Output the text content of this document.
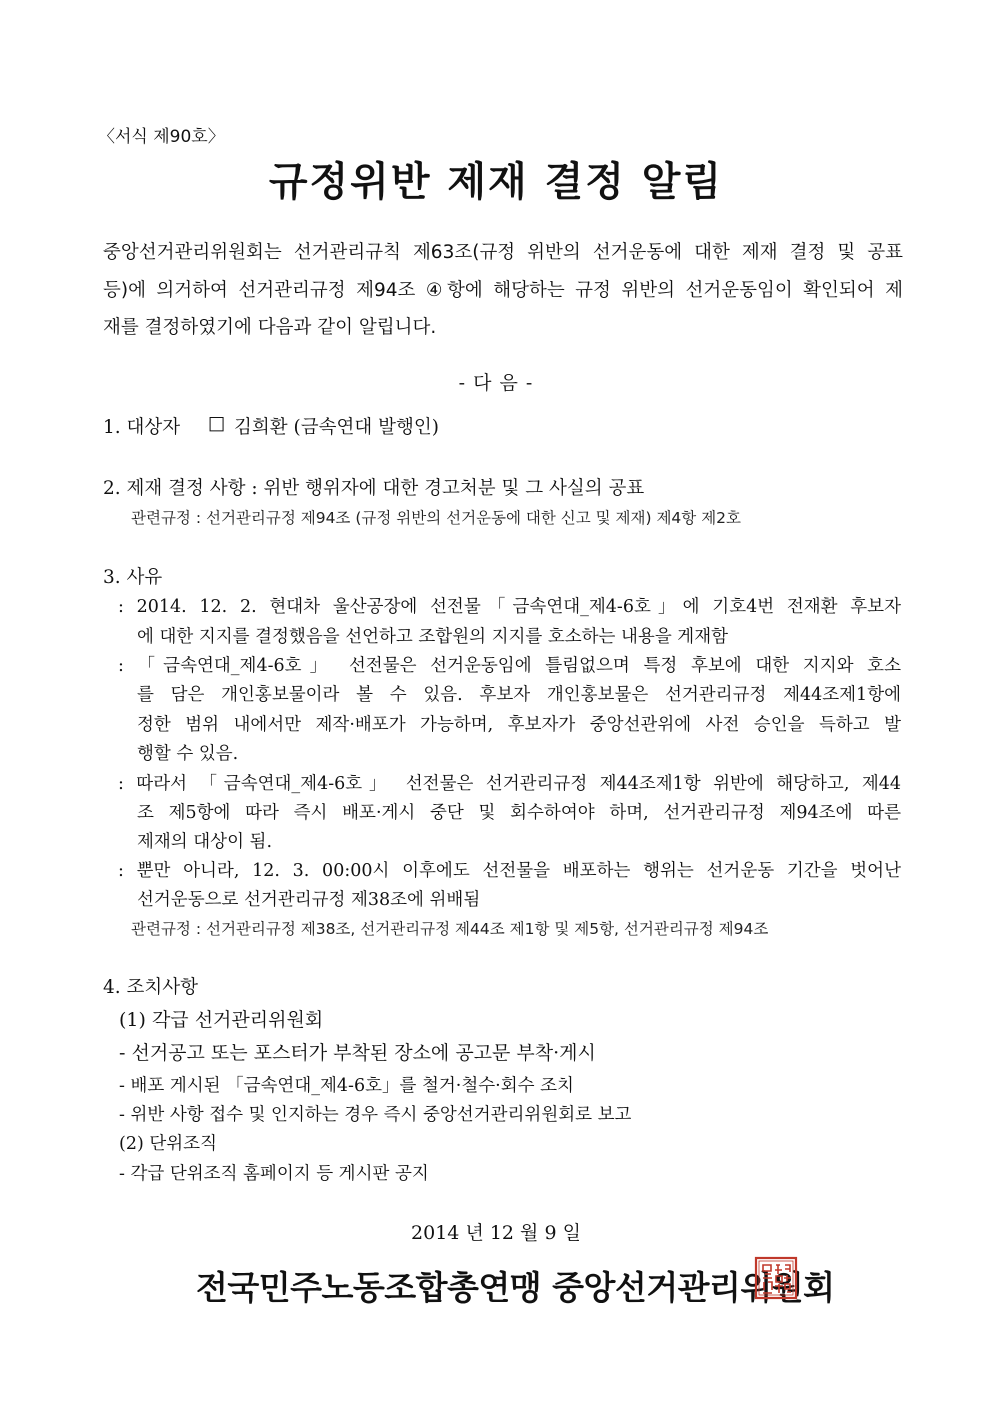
〈서식 제90호〉
규정위반 제재 결정 알림
중앙선거관리위원회는 선거관리규칙 제63조(규정 위반의 선거운동에 대한 제재 결정 및 공표
등)에 의거하여 선거관리규정 제94조 ④항에 해당하는 규정 위반의 선거운동임이 확인되어 제
재를 결정하였기에 다음과 같이 알립니다.
- 다 음 -
1. 대상자 □ 김희환 (금속연대 발행인)
2. 제재 결정 사항 : 위반 행위자에 대한 경고처분 및 그 사실의 공표
관련규정 : 선거관리규정 제94조 (규정 위반의 선거운동에 대한 신고 및 제재) 제4항 제2호
3. 사유
: 2014. 12. 2. 현대차 울산공장에 선전물「금속연대_제4-6호」에 기호4번 전재환 후보자
에 대한 지지를 결정했음을 선언하고 조합원의 지지를 호소하는 내용을 게재함
: 「금속연대_제4-6호」 선전물은 선거운동임에 틀림없으며 특정 후보에 대한 지지와 호소
를 담은 개인홍보물이라 볼 수 있음. 후보자 개인홍보물은 선거관리규정 제44조제1항에
정한 범위 내에서만 제작·배포가 가능하며, 후보자가 중앙선관위에 사전 승인을 득하고 발
행할 수 있음.
: 따라서 「금속연대_제4-6호」 선전물은 선거관리규정 제44조제1항 위반에 해당하고, 제44
조 제5항에 따라 즉시 배포·게시 중단 및 회수하여야 하며, 선거관리규정 제94조에 따른
제재의 대상이 됨.
: 뿐만 아니라, 12. 3. 00:00시 이후에도 선전물을 배포하는 행위는 선거운동 기간을 벗어난
선거운동으로 선거관리규정 제38조에 위배됨
관련규정 : 선거관리규정 제38조, 선거관리규정 제44조 제1항 및 제5항, 선거관리규정 제94조
4. 조치사항
(1) 각급 선거관리위원회
- 선거공고 또는 포스터가 부착된 장소에 공고문 부착·게시
- 배포 게시된 「금속연대_제4-6호」를 철거·철수·회수 조치
- 위반 사항 접수 및 인지하는 경우 즉시 중앙선거관리위원회로 보고
(2) 단위조직
- 각급 단위조직 홈페이지 등 게시판 공지
2014 년 12 월 9 일
전국민주노동조합총연맹 중앙선거관리위원회
